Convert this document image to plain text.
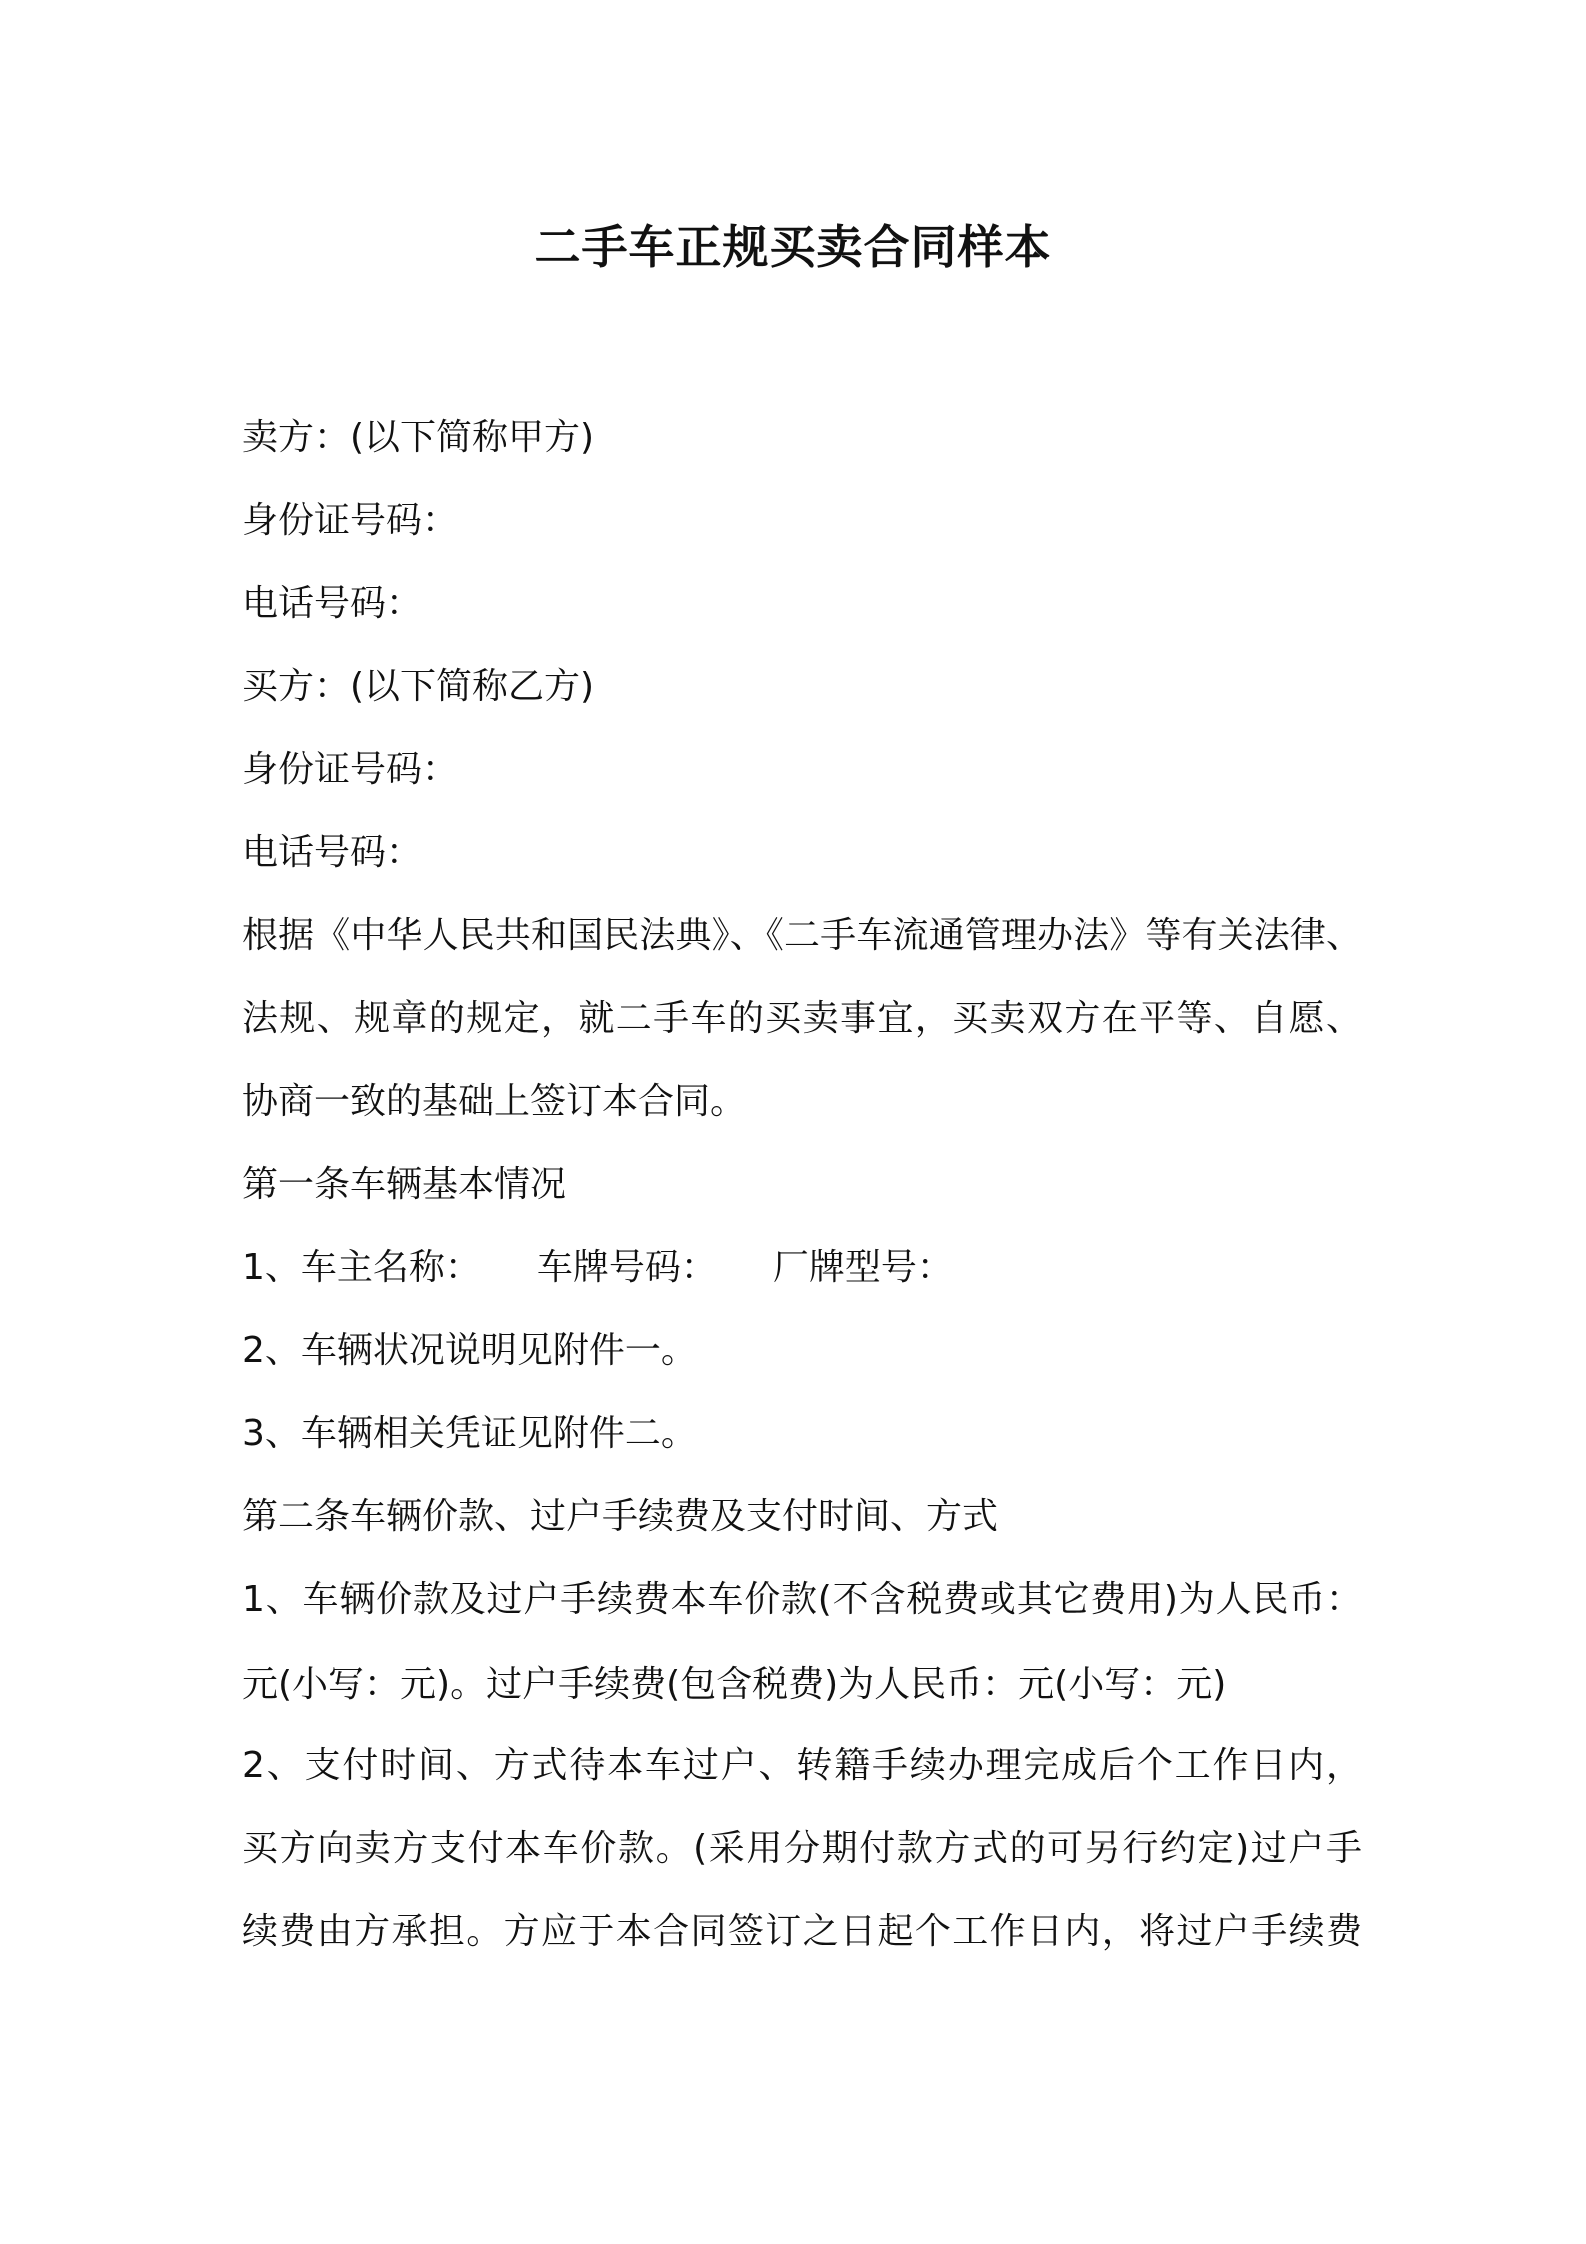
二手车正规买卖合同样本

卖方：(以下简称甲方)

身份证号码：

电话号码：

买方：(以下简称乙方)

身份证号码：

电话号码：

根据《中华人民共和国民法典》、《二手车流通管理办法》等有关法律、

法规、规章的规定，就二手车的买卖事宜，买卖双方在平等、自愿、

协商一致的基础上签订本合同。

第一条车辆基本情况

1、车主名称： 车牌号码： 厂牌型号：

2、车辆状况说明见附件一。

3、车辆相关凭证见附件二。

第二条车辆价款、过户手续费及支付时间、方式

1、车辆价款及过户手续费本车价款(不含税费或其它费用)为人民币：

元(小写：元)。过户手续费(包含税费)为人民币：元(小写：元)

2、支付时间、方式待本车过户、转籍手续办理完成后个工作日内，

买方向卖方支付本车价款。(采用分期付款方式的可另行约定)过户手

续费由方承担。方应于本合同签订之日起个工作日内，将过户手续费
